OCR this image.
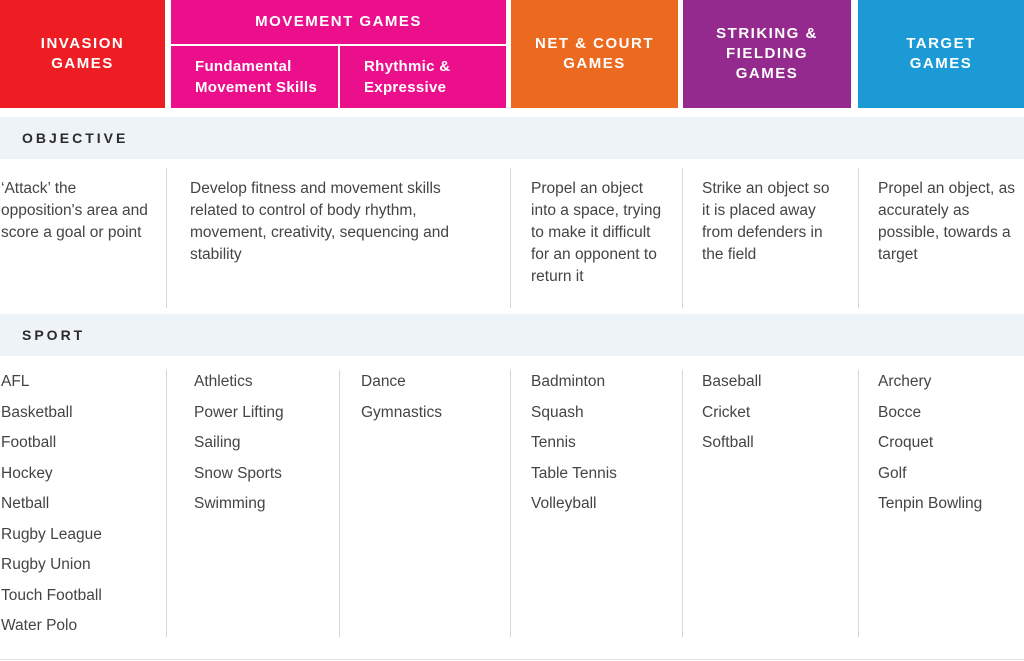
INVASION GAMES
MOVEMENT GAMES
Fundamental Movement Skills
Rhythmic & Expressive
NET & COURT GAMES
STRIKING & FIELDING GAMES
TARGET GAMES
OBJECTIVE
‘Attack’ the opposition's area and score a goal or point
Develop fitness and movement skills related to control of body rhythm, movement, creativity, sequencing and stability
Propel an object into a space, trying to make it difficult for an opponent to return it
Strike an object so it is placed away from defenders in the field
Propel an object, as accurately as possible, towards a target
SPORT
AFL
Basketball
Football
Hockey
Netball
Rugby League
Rugby Union
Touch Football
Water Polo
Athletics
Power Lifting
Sailing
Snow Sports
Swimming
Dance
Gymnastics
Badminton
Squash
Tennis
Table Tennis
Volleyball
Baseball
Cricket
Softball
Archery
Bocce
Croquet
Golf
Tenpin Bowling
